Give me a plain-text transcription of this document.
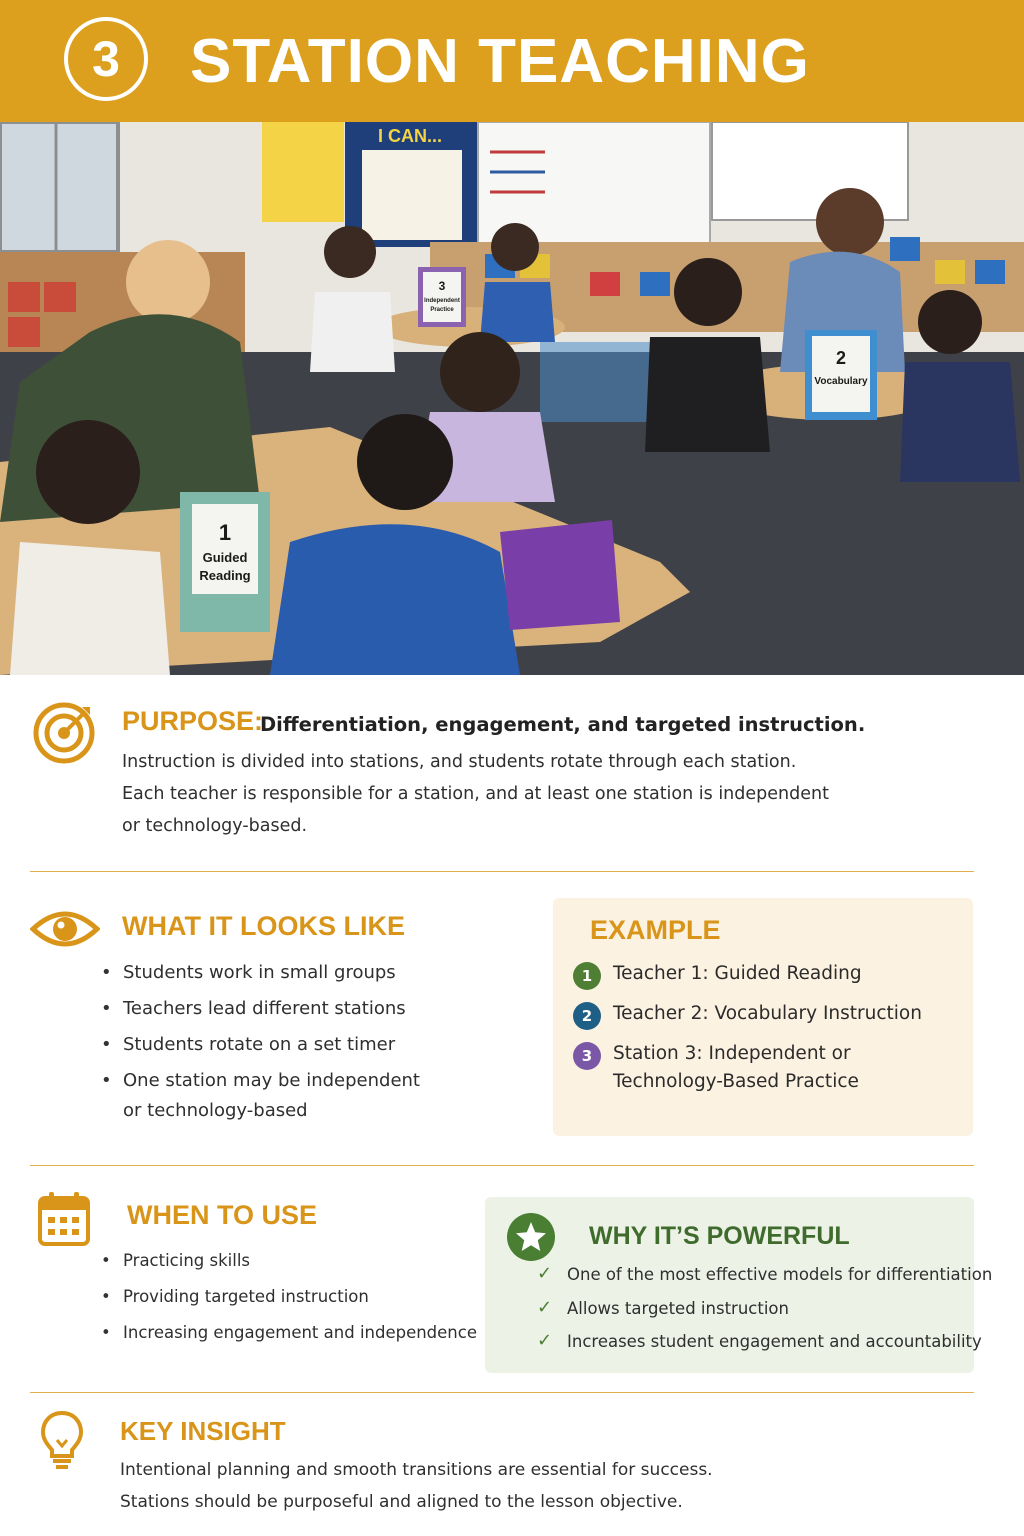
3	STATION TEACHING
I CAN...
1
Guided
Reading
2
Vocabulary
3
Independent
Practice
PURPOSE:
Differentiation, engagement, and targeted instruction.

Instruction is divided into stations, and students rotate through each station.

Each teacher is responsible for a station, and at least one station is independent

or technology-based.

WHAT IT LOOKS LIKE
• Students work in small groups
• Teachers lead different stations
• Students rotate on a set timer
• One station may be independent
or technology-based
EXAMPLE
1	Teacher 1: Guided Reading
2	Teacher 2: Vocabulary Instruction
3	Station 3: Independent or
Technology-Based Practice
WHEN TO USE
• Practicing skills
• Providing targeted instruction
• Increasing engagement and independence
WHY IT’S POWERFUL
✓ One of the most effective models for differentiation
✓ Allows targeted instruction
✓ Increases student engagement and accountability
KEY INSIGHT

Intentional planning and smooth transitions are essential for success.

Stations should be purposeful and aligned to the lesson objective.
